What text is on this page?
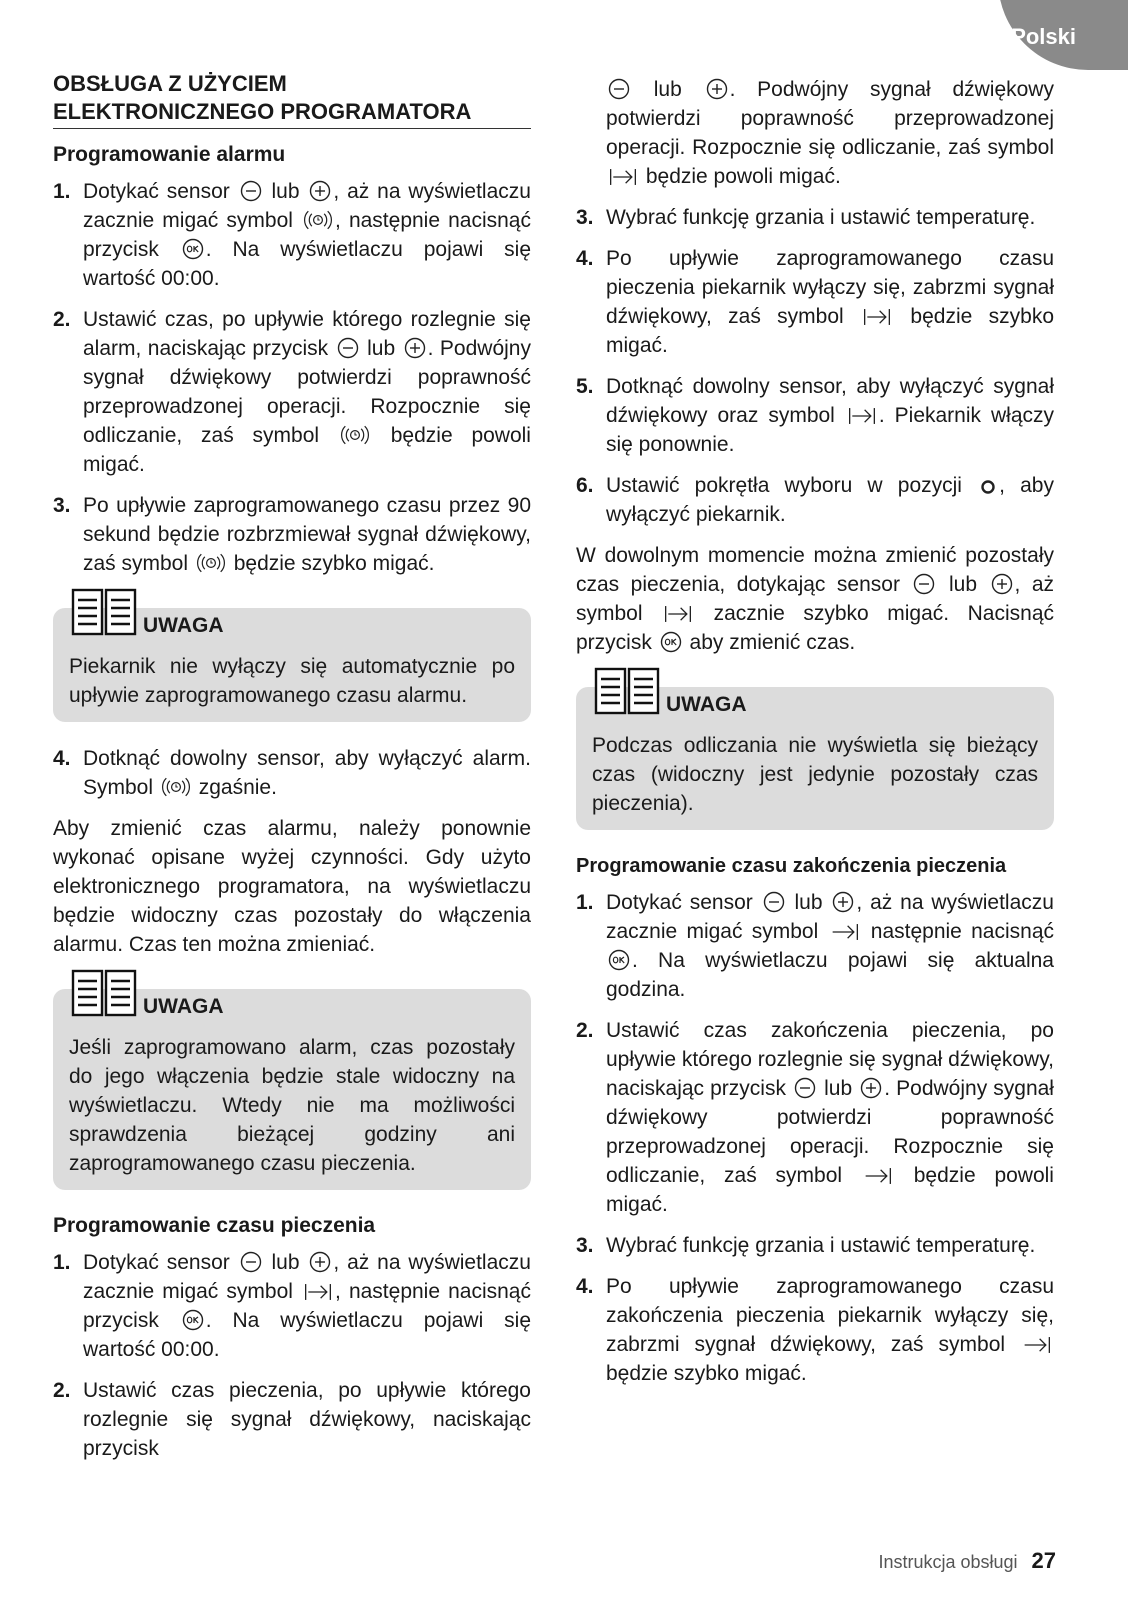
Polski
OBSŁUGA Z UŻYCIEM
ELEKTRONICZNEGO PROGRAMATORA
Programowanie alarmu
1. Dotykać sensor lub , aż na wyświetlaczu zacznie migać symbol , następnie nacisnąć przycisk . Na wyświetlaczu pojawi się wartość 00:00.
2. Ustawić czas, po upływie którego rozlegnie się alarm, naciskając przycisk lub . Podwójny sygnał dźwiękowy potwierdzi poprawność przeprowadzonej operacji. Rozpocznie się odliczanie, zaś symbol	będzie powoli migać.
3. Po upływie zaprogramowanego czasu przez 90 sekund będzie rozbrzmiewał sygnał dźwiękowy, zaś symbol będzie szybko migać.
UWAGA
Piekarnik nie wyłączy się automatycznie po upływie zaprogramowanego czasu alarmu.
4. Dotknąć dowolny sensor, aby wyłączyć alarm. Symbol zgaśnie.

Aby zmienić czas alarmu, należy ponownie wykonać opisane wyżej czynności. Gdy użyto elektronicznego programatora, na wyświetlaczu będzie widoczny czas pozostały do włączenia alarmu. Czas ten można zmieniać.

UWAGA
Jeśli zaprogramowano alarm, czas pozostały do jego włączenia będzie stale widoczny na wyświetlaczu. Wtedy nie ma możliwości sprawdzenia bieżącej godziny ani zaprogramowanego czasu pieczenia.
Programowanie czasu pieczenia
1. Dotykać sensor lub , aż na wyświetlaczu zacznie migać symbol , następnie nacisnąć przycisk . Na wyświetlaczu pojawi się wartość 00:00.
2. Ustawić czas pieczenia, po upływie którego rozlegnie się sygnał dźwiękowy, naciskając przycisk
lub . Podwójny sygnał dźwiękowy potwierdzi poprawność przeprowadzonej operacji. Rozpocznie się odliczanie, zaś symbol  będzie powoli migać.
3. Wybrać funkcję grzania i ustawić temperaturę.
4. Po upływie zaprogramowanego czasu pieczenia piekarnik wyłączy się, zabrzmi sygnał dźwiękowy, zaś symbol	będzie szybko migać.
5. Dotknąć dowolny sensor, aby wyłączyć sygnał dźwiękowy oraz symbol . Piekarnik włączy się ponownie.
6. Ustawić pokrętła wyboru w pozycji , aby wyłączyć piekarnik.

W dowolnym momencie można zmienić pozostały czas pieczenia, dotykając sensor lub , aż symbol	zacznie szybko migać. Nacisnąć przycisk aby zmienić czas.

UWAGA
Podczas odliczania nie wyświetla się bieżący czas (widoczny jest jedynie pozostały czas pieczenia).
Programowanie czasu zakończenia pieczenia
1. Dotykać sensor lub , aż na wyświetlaczu zacznie migać symbol	następnie nacisnąć . Na wyświetlaczu pojawi się aktualna godzina.
2. Ustawić czas zakończenia pieczenia, po upływie którego rozlegnie się sygnał dźwiękowy, naciskając przycisk lub . Podwójny sygnał dźwiękowy potwierdzi poprawność przeprowadzonej operacji. Rozpocznie się odliczanie, zaś symbol	będzie powoli migać.
3. Wybrać funkcję grzania i ustawić temperaturę.
4. Po upływie zaprogramowanego czasu zakończenia pieczenia piekarnik wyłączy się, zabrzmi sygnał dźwiękowy, zaś symbol  będzie szybko migać.
Instrukcja obsługi 27
